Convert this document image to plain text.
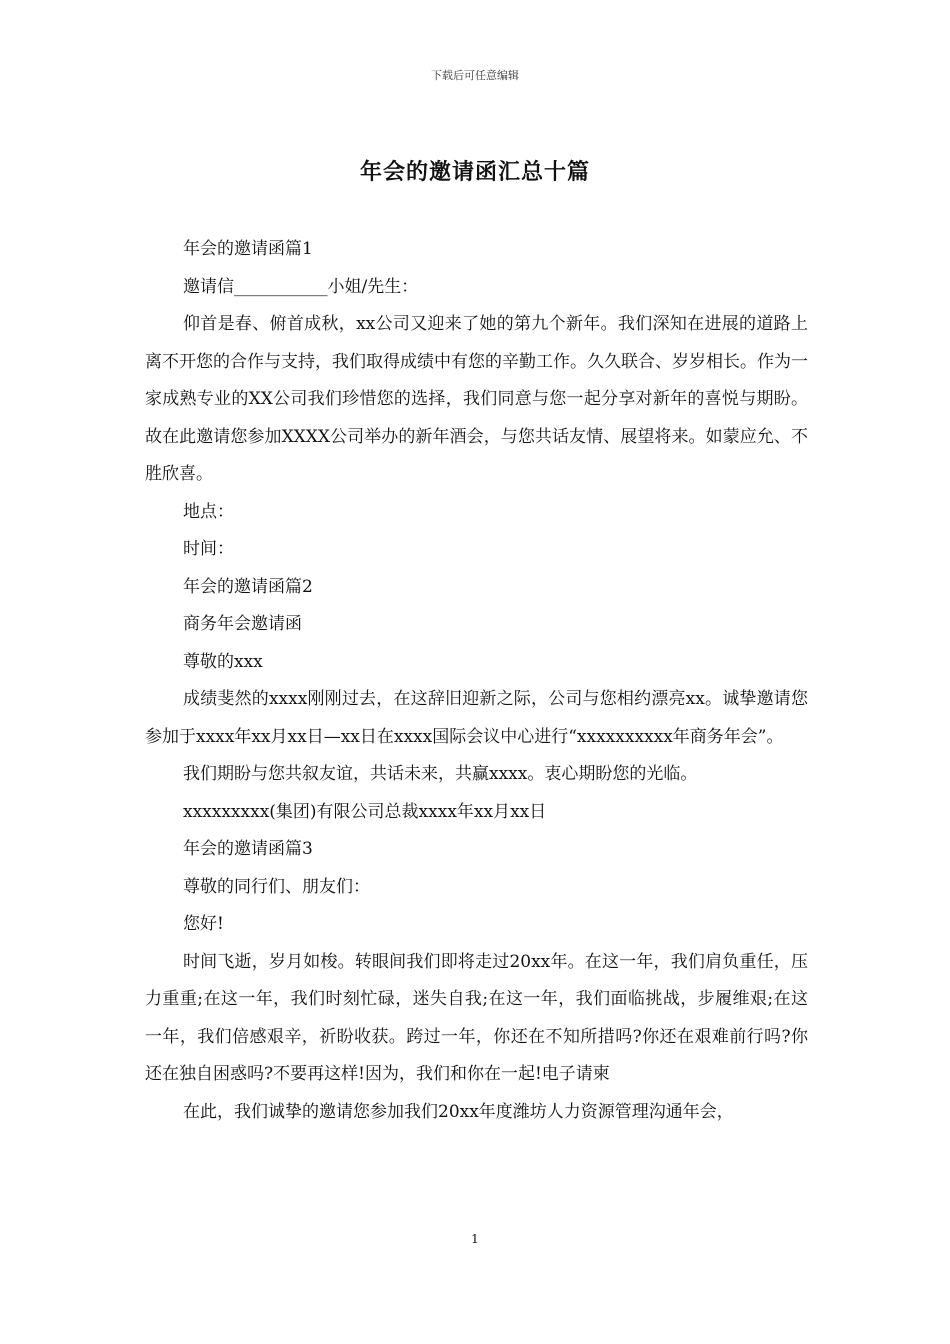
下载后可任意编辑
年会的邀请函汇总十篇

年会的邀请函篇1

邀请信___________小姐/先生：

仰首是春、俯首成秋，xx公司又迎来了她的第九个新年。我们深知在进展的道路上离不开您的合作与支持，我们取得成绩中有您的辛勤工作。久久联合、岁岁相长。作为一家成熟专业的XX公司我们珍惜您的选择，我们同意与您一起分享对新年的喜悦与期盼。故在此邀请您参加XXXX公司举办的新年酒会，与您共话友情、展望将来。如蒙应允、不胜欣喜。

地点：

时间：

年会的邀请函篇2

商务年会邀请函

尊敬的xxx

成绩斐然的xxxx刚刚过去，在这辞旧迎新之际，公司与您相约漂亮xx。诚挚邀请您参加于xxxx年xx月xx日—xx日在xxxx国际会议中心进行“xxxxxxxxxx年商务年会”。

我们期盼与您共叙友谊，共话未来，共赢xxxx。衷心期盼您的光临。

xxxxxxxxx(集团)有限公司总裁xxxx年xx月xx日

年会的邀请函篇3

尊敬的同行们、朋友们：

您好!

时间飞逝，岁月如梭。转眼间我们即将走过20xx年。在这一年，我们肩负重任，压力重重;在这一年，我们时刻忙碌，迷失自我;在这一年，我们面临挑战，步履维艰;在这一年，我们倍感艰辛，祈盼收获。跨过一年，你还在不知所措吗?你还在艰难前行吗?你还在独自困惑吗?不要再这样!因为，我们和你在一起!电子请柬

在此，我们诚挚的邀请您参加我们20xx年度潍坊人力资源管理沟通年会，

1
